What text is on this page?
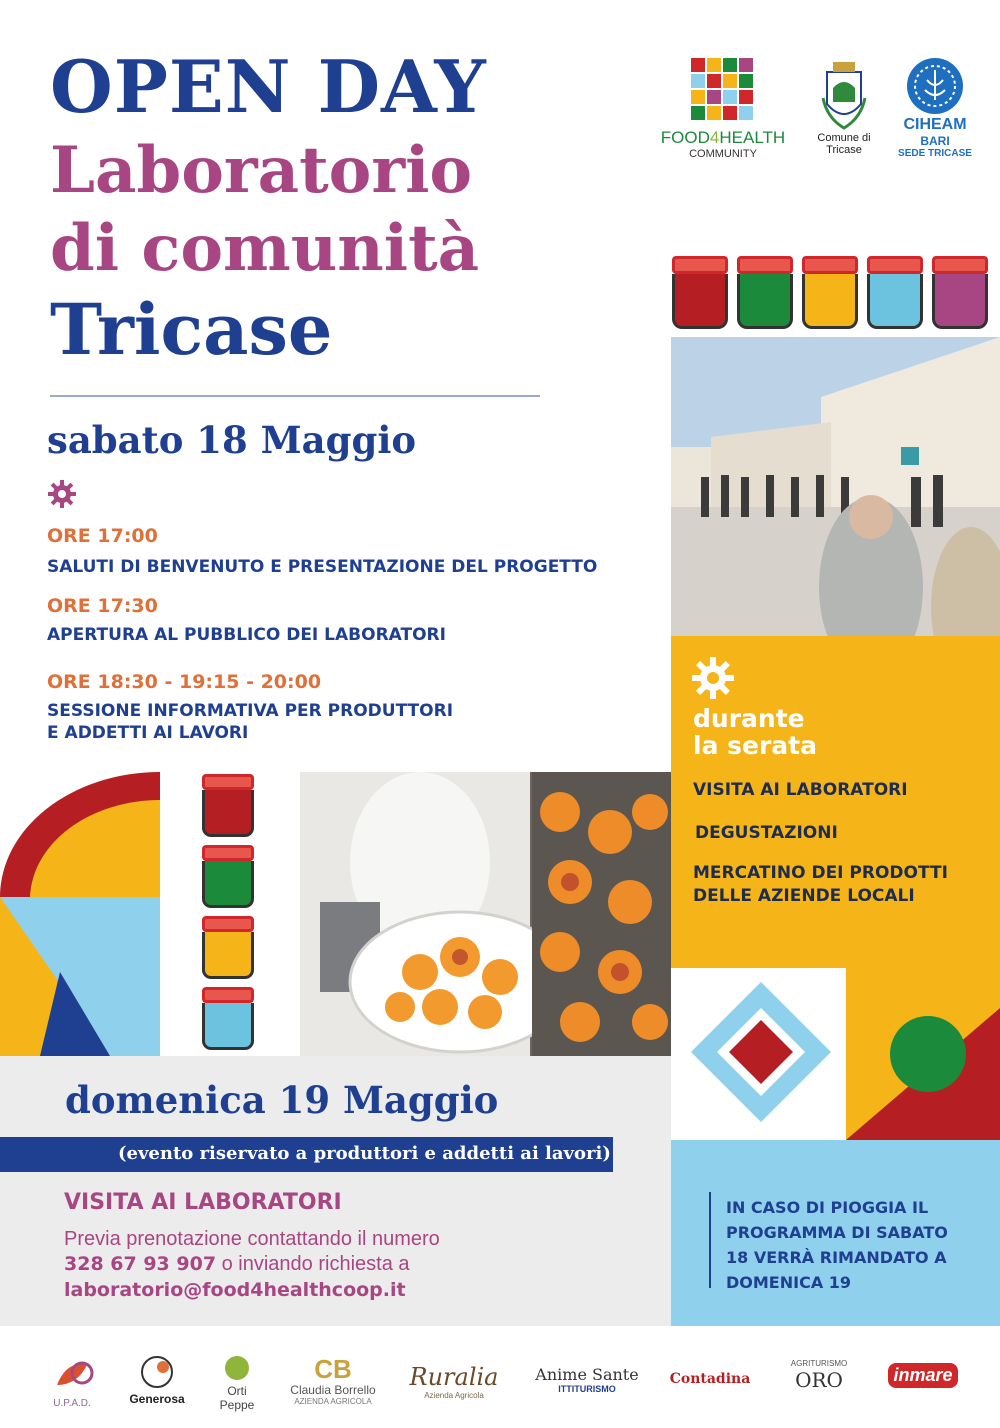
OPEN DAY
Laboratorio
di comunità
Tricase
FOOD4HEALTH
COMMUNITY
Comune di
Tricase
CIHEAM
BARI
SEDE TRICASE
sabato 18 Maggio
ORE 17:00
SALUTI DI BENVENUTO E PRESENTAZIONE DEL PROGETTO
ORE 17:30
APERTURA AL PUBBLICO DEI LABORATORI
ORE 18:30 - 19:15 - 20:00
SESSIONE INFORMATIVA PER PRODUTTORI
E ADDETTI AI LAVORI	durante
la serata
VISITA AI LABORATORI
DEGUSTAZIONI
MERCATINO DEI PRODOTTI
DELLE AZIENDE LOCALI
domenica 19 Maggio
(evento riservato a produttori e addetti ai lavori)
VISITA AI LABORATORI
Previa prenotazione contattando il numero
328 67 93 907 o inviando richiesta a
laboratorio@food4healthcoop.it
IN CASO DI PIOGGIA IL
PROGRAMMA DI SABATO
18 VERRÀ RIMANDATO A
DOMENICA 19
U.P.A.D.	Generosa
Orti
Peppe
CB
Claudia Borrello
AZIENDA AGRICOLA
Ruralia
Azienda Agricola
Anime Sante
ITTITURISMO
Contadina
AGRITURISMO
ORO	inmare
